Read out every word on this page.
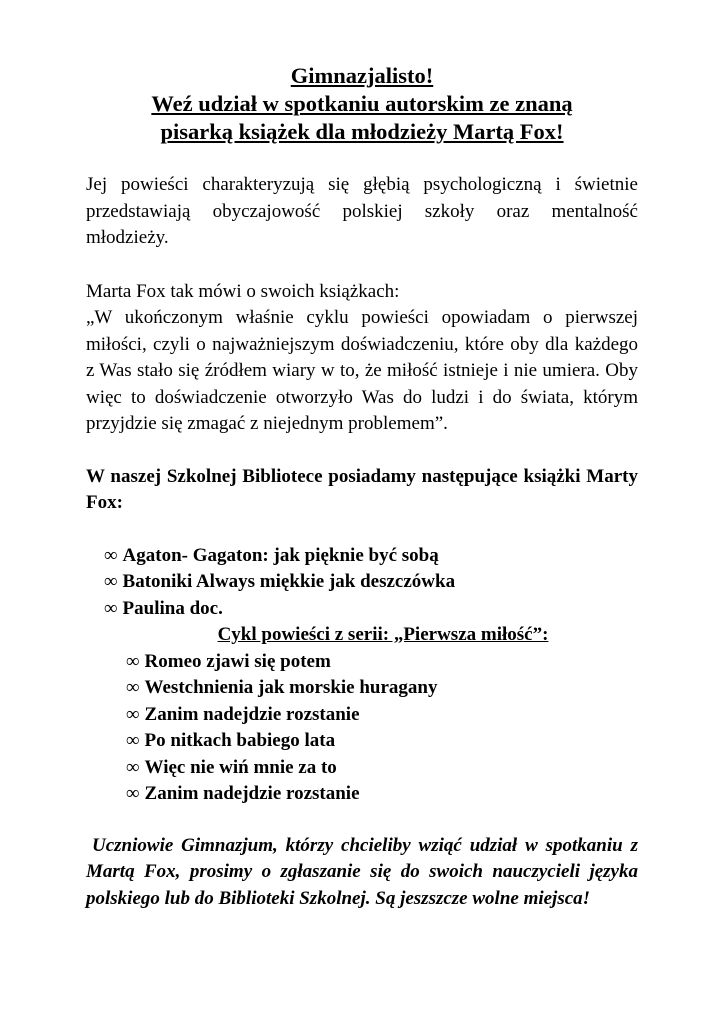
Gimnazjalisto!
Weź udział w spotkaniu autorskim ze znaną
pisarką książek dla młodzieży Martą Fox!

Jej powieści charakteryzują się głębią psychologiczną i świetnie przedstawiają obyczajowość polskiej szkoły oraz mentalność młodzieży.

Marta Fox tak mówi o swoich książkach:

„W ukończonym właśnie cyklu powieści opowiadam o pierwszej miłości, czyli o najważniejszym doświadczeniu, które oby dla każdego z Was stało się źródłem wiary w to, że miłość istnieje i nie umiera. Oby więc to doświadczenie otworzyło Was do ludzi i do świata, którym przyjdzie się zmagać z niejednym problemem”.

W naszej Szkolnej Bibliotece posiadamy następujące książki Marty Fox:

∞ Agaton- Gagaton: jak pięknie być sobą
∞ Batoniki Always miękkie jak deszczówka
∞ Paulina doc.

Cykl powieści z serii: „Pierwsza miłość”:

∞ Romeo zjawi się potem
∞ Westchnienia jak morskie huragany
∞ Zanim nadejdzie rozstanie
∞ Po nitkach babiego lata
∞ Więc nie wiń mnie za to
∞ Zanim nadejdzie rozstanie

Uczniowie Gimnazjum, którzy chcieliby wziąć udział w spotkaniu z Martą Fox, prosimy o zgłaszanie się do swoich nauczycieli języka polskiego lub do Biblioteki Szkolnej. Są jeszszcze wolne miejsca!
